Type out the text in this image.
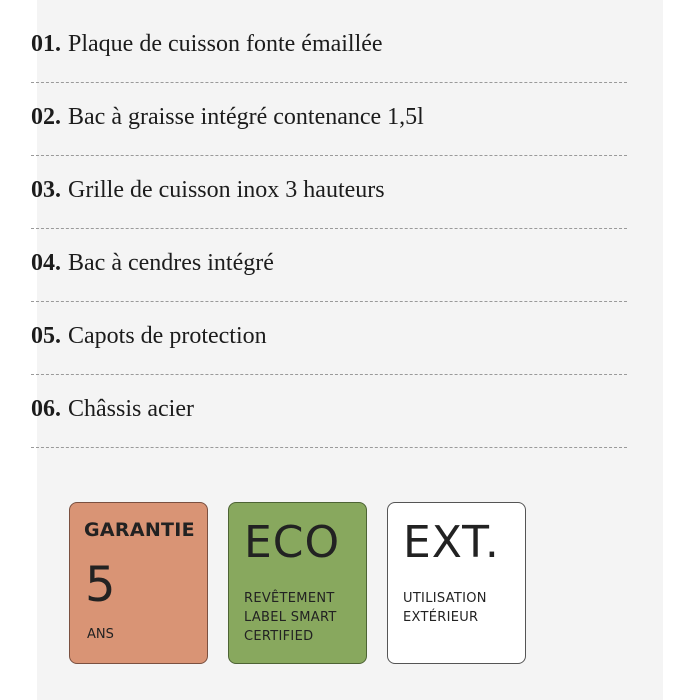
01. Plaque de cuisson fonte émaillée
02. Bac à graisse intégré contenance 1,5l
03. Grille de cuisson inox 3 hauteurs
04. Bac à cendres intégré
05. Capots de protection
06. Châssis acier
GARANTIE
5
ANS
ECO
REVÊTEMENT
LABEL SMART
CERTIFIED
EXT.
UTILISATION
EXTÉRIEUR
